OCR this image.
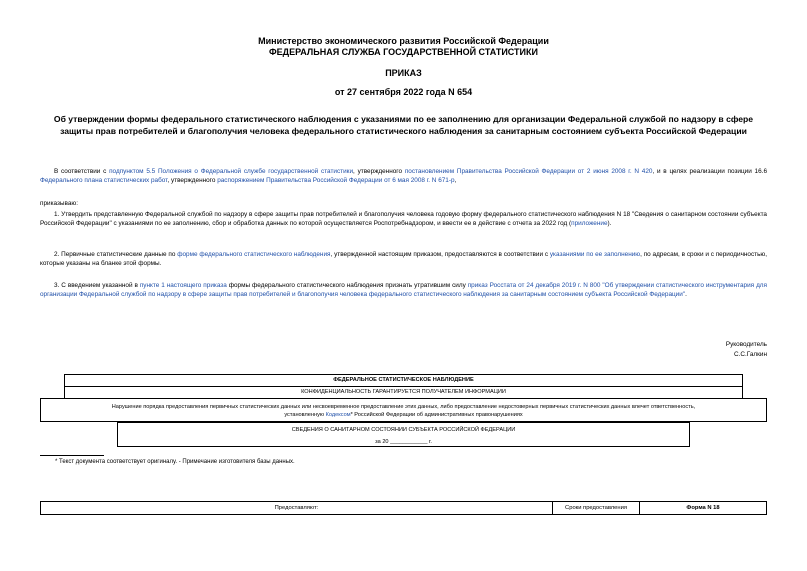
Министерство экономического развития Российской Федерации
ФЕДЕРАЛЬНАЯ СЛУЖБА ГОСУДАРСТВЕННОЙ СТАТИСТИКИ
ПРИКАЗ
от 27 сентября 2022 года N 654
Об утверждении формы федерального статистического наблюдения с указаниями по ее заполнению для организации Федеральной службой по надзору в сфере защиты прав потребителей и благополучия человека федерального статистического наблюдения за санитарным состоянием субъекта Российской Федерации
В соответствии с подпунктом 5.5 Положения о Федеральной службе государственной статистики, утвержденного постановлением Правительства Российской Федерации от 2 июня 2008 г. N 420, и в целях реализации позиции 16.6 Федерального плана статистических работ, утвержденного распоряжением Правительства Российской Федерации от 6 мая 2008 г. N 671-р,
приказываю:
1. Утвердить представленную Федеральной службой по надзору в сфере защиты прав потребителей и благополучия человека годовую форму федерального статистического наблюдения N 18 "Сведения о санитарном состоянии субъекта Российской Федерации" с указаниями по ее заполнению, сбор и обработка данных по которой осуществляется Роспотребнадзором, и ввести ее в действие с отчета за 2022 год (приложение).
2. Первичные статистические данные по форме федерального статистического наблюдения, утвержденной настоящим приказом, предоставляются в соответствии с указаниями по ее заполнению, по адресам, в сроки и с периодичностью, которые указаны на бланке этой формы.
3. С введением указанной в пункте 1 настоящего приказа формы федерального статистического наблюдения признать утратившим силу приказ Росстата от 24 декабря 2019 г. N 800 "Об утверждении статистического инструментария для организации Федеральной службой по надзору в сфере защиты прав потребителей и благополучия человека федерального статистического наблюдения за санитарным состоянием субъекта Российской Федерации".
Руководитель
С.С.Галкин
ФЕДЕРАЛЬНОЕ СТАТИСТИЧЕСКОЕ НАБЛЮДЕНИЕ
КОНФИДЕНЦИАЛЬНОСТЬ ГАРАНТИРУЕТСЯ ПОЛУЧАТЕЛЕМ ИНФОРМАЦИИ
Нарушение порядка предоставления первичных статистических данных или несвоевременное предоставление этих данных, либо предоставление недостоверных первичных статистических данных влечет ответственность,
установленную Кодексом* Российской Федерации об административных правонарушениях
СВЕДЕНИЯ О САНИТАРНОМ СОСТОЯНИИ СУБЪЕКТА РОССИЙСКОЙ ФЕДЕРАЦИИ
за 20 ____________ г.
* Текст документа соответствует оригиналу. - Примечание изготовителя базы данных.
Предоставляют:	Сроки предоставления	Форма N 18
